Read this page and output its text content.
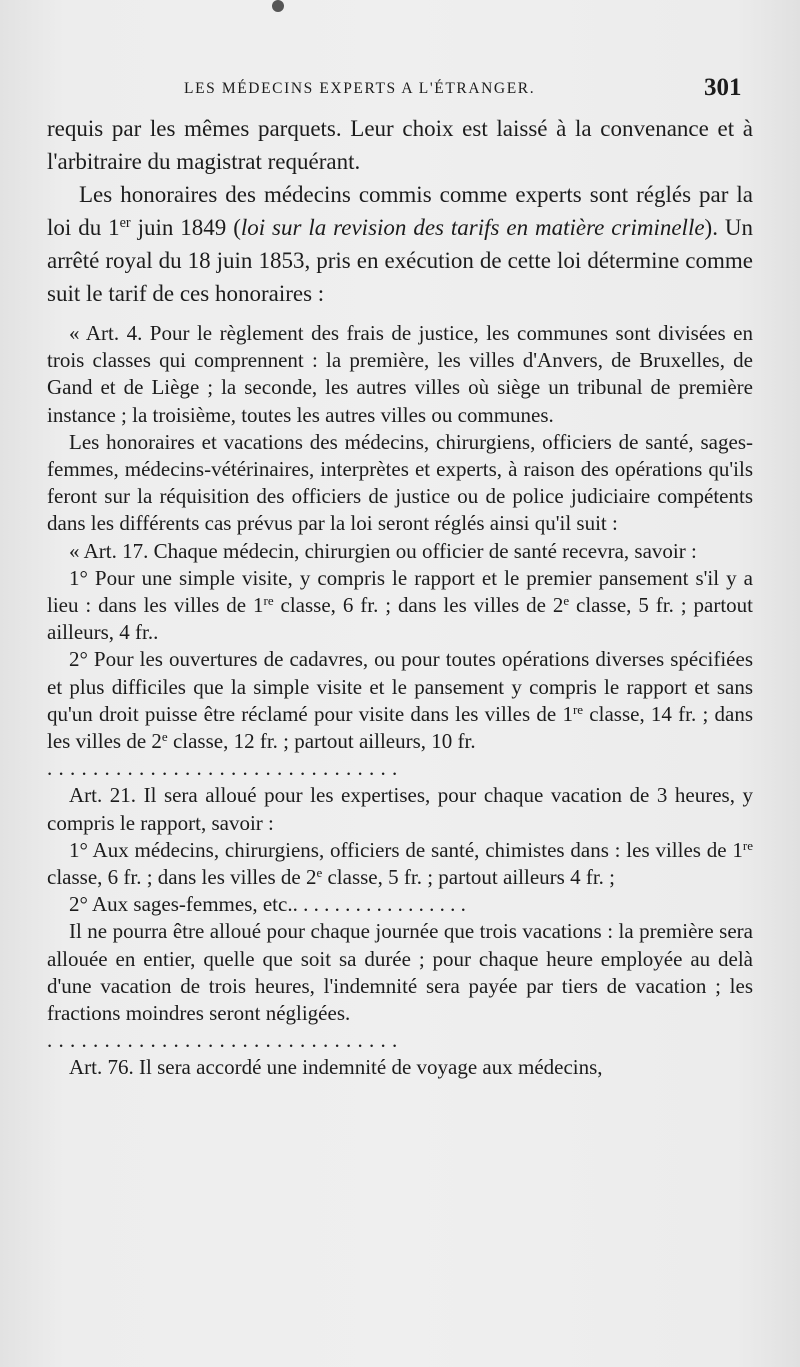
LES MÉDECINS EXPERTS A L'ÉTRANGER.	301

requis par les mêmes parquets. Leur choix est laissé à la convenance et à l'arbitraire du magistrat requérant.

Les honoraires des médecins commis comme experts sont réglés par la loi du 1er juin 1849 (loi sur la revision des tarifs en matière criminelle). Un arrêté royal du 18 juin 1853, pris en exécution de cette loi détermine comme suit le tarif de ces honoraires :

« Art. 4. Pour le règlement des frais de justice, les communes sont divisées en trois classes qui comprennent : la première, les villes d'Anvers, de Bruxelles, de Gand et de Liège ; la seconde, les autres villes où siège un tribunal de première instance ; la troisième, toutes les autres villes ou communes.

Les honoraires et vacations des médecins, chirurgiens, officiers de santé, sages-femmes, médecins-vétérinaires, interprètes et experts, à raison des opérations qu'ils feront sur la réquisition des officiers de justice ou de police judiciaire compétents dans les différents cas prévus par la loi seront réglés ainsi qu'il suit :

« Art. 17. Chaque médecin, chirurgien ou officier de santé recevra, savoir :

1° Pour une simple visite, y compris le rapport et le premier pansement s'il y a lieu : dans les villes de 1re classe, 6 fr. ; dans les villes de 2e classe, 5 fr. ; partout ailleurs, 4 fr..

2° Pour les ouvertures de cadavres, ou pour toutes opérations diverses spécifiées et plus difficiles que la simple visite et le pansement y compris le rapport et sans qu'un droit puisse être réclamé pour visite dans les villes de 1re classe, 14 fr. ; dans les villes de 2e classe, 12 fr. ; partout ailleurs, 10 fr.

. . . . . . . . . . . . . . . . . . . . . . . . . . . . . . .

Art. 21. Il sera alloué pour les expertises, pour chaque vacation de 3 heures, y compris le rapport, savoir :

1° Aux médecins, chirurgiens, officiers de santé, chimistes dans : les villes de 1re classe, 6 fr. ; dans les villes de 2e classe, 5 fr. ; partout ailleurs 4 fr. ;

2° Aux sages-femmes, etc.. . . . . . . . . . . . . . . . .

Il ne pourra être alloué pour chaque journée que trois vacations : la première sera allouée en entier, quelle que soit sa durée ; pour chaque heure employée au delà d'une vacation de trois heures, l'indemnité sera payée par tiers de vacation ; les fractions moindres seront négligées.

. . . . . . . . . . . . . . . . . . . . . . . . . . . . . . .

Art. 76. Il sera accordé une indemnité de voyage aux médecins,
